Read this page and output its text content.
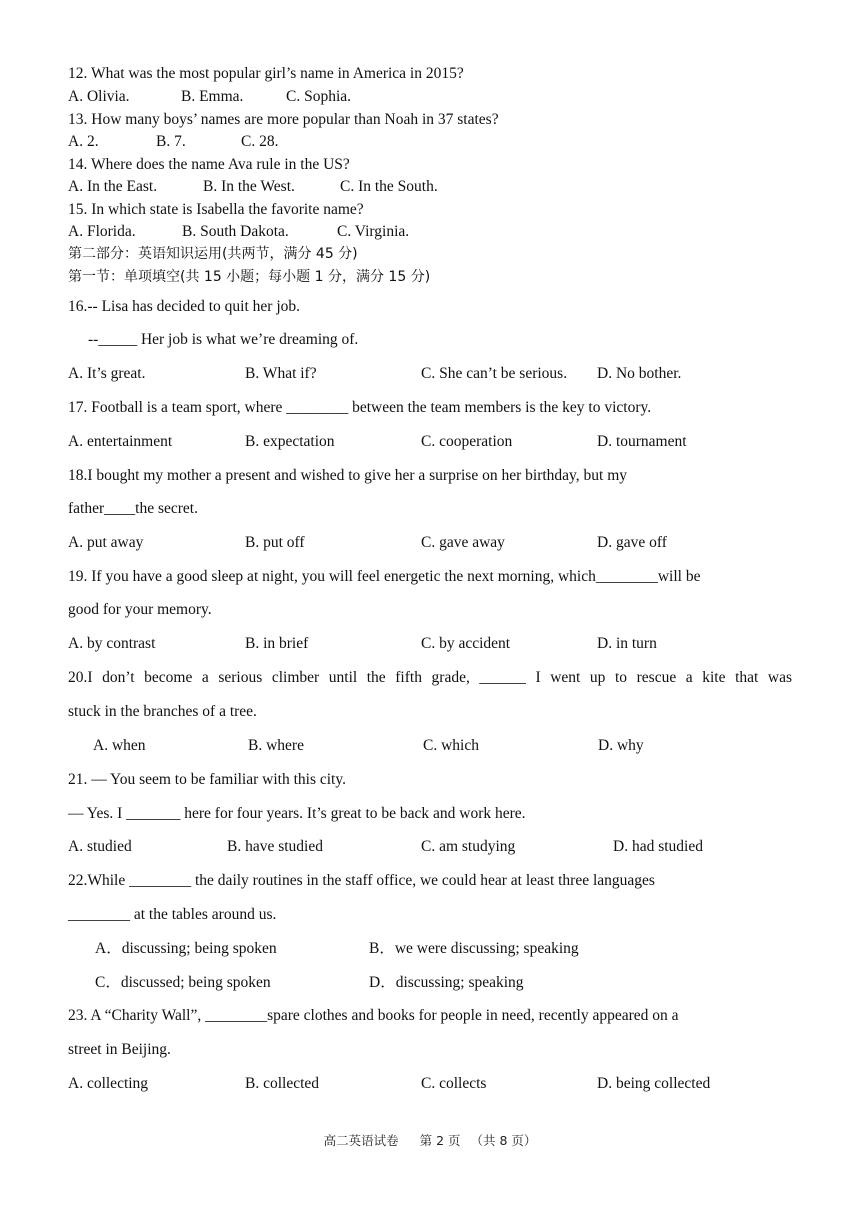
12. What was the most popular girl’s name in America in 2015?
A. Olivia.	B. Emma.	C. Sophia.
13. How many boys’ names are more popular than Noah in 37 states?
A. 2.	B. 7.	C. 28.
14. Where does the name Ava rule in the US?
A. In the East.	B. In the West.	C. In the South.
15. In which state is Isabella the favorite name?
A. Florida.	B. South Dakota.	C. Virginia.
第二部分：英语知识运用(共两节，满分 45 分)
第一节：单项填空(共 15 小题；每小题 1 分，满分 15 分)
16.-- Lisa has decided to quit her job.
--_____ Her job is what we’re dreaming of.
A. It’s great.	B. What if?	C. She can’t be serious. D. No bother.
17. Football is a team sport, where ________ between the team members is the key to victory.
A. entertainment	B. expectation	C. cooperation	D. tournament
18.I bought my mother a present and wished to give her a surprise on her birthday, but my
father____the secret.
A. put away	B. put off	C. gave away	D. gave off
19. If you have a good sleep at night, you will feel energetic the next morning, which________will be
good for your memory.
A. by contrast	B. in brief	C. by accident	D. in turn
20.I don’t become a serious climber until the fifth grade, ______ I went up to rescue a kite that was
stuck in the branches of a tree.
A. when	B. where	C. which	D. why
21. — You seem to be familiar with this city.
— Yes. I _______ here for four years. It’s great to be back and work here.
A. studied	B. have studied	C. am studying	D. had studied
22.While ________ the daily routines in the staff office, we could hear at least three languages
________ at the tables around us.
A．discussing; being spoken	B．we were discussing; speaking
C．discussed; being spoken	D．discussing; speaking
23. A “Charity Wall”, ________spare clothes and books for people in need, recently appeared on a
street in Beijing.
A. collecting	B. collected	C. collects	D. being collected
高二英语试卷 第 2 页 （共 8 页）
